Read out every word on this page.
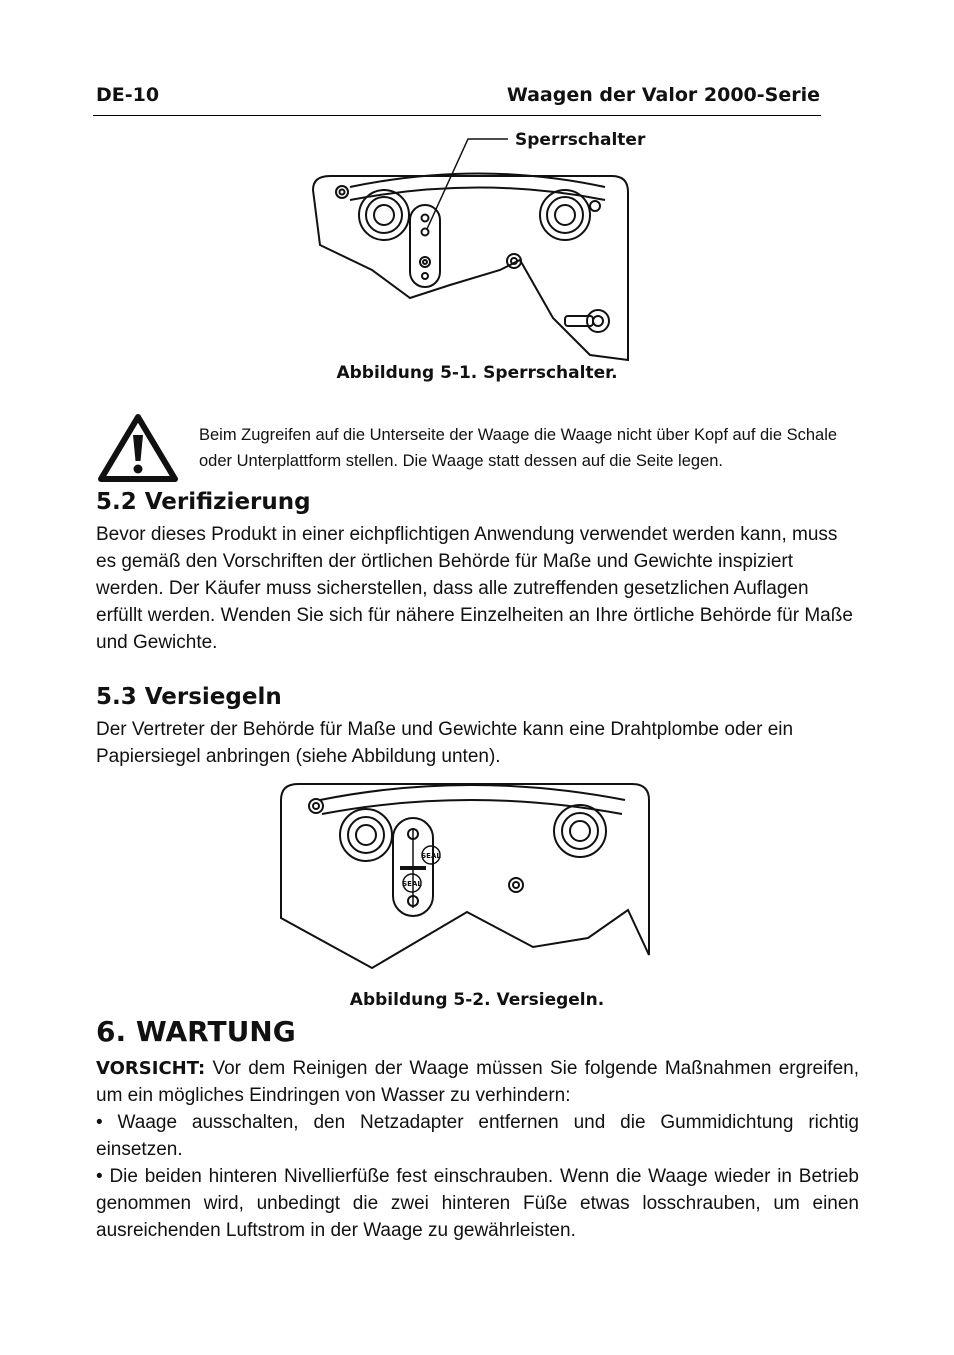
DE-10	Waagen der Valor 2000-Serie
Sperrschalter
Abbildung 5-1. Sperrschalter.
Beim Zugreifen auf die Unterseite der Waage die Waage nicht über Kopf auf die Schale oder Unterplattform stellen. Die Waage statt dessen auf die Seite legen.
5.2 Verifizierung
Bevor dieses Produkt in einer eichpflichtigen Anwendung verwendet werden kann, muss es gemäß den Vorschriften der örtlichen Behörde für Maße und Gewichte inspiziert werden. Der Käufer muss sicherstellen, dass alle zutreffenden gesetzlichen Auflagen erfüllt werden. Wenden Sie sich für nähere Einzelheiten an Ihre örtliche Behörde für Maße und Gewichte.
5.3 Versiegeln
Der Vertreter der Behörde für Maße und Gewichte kann eine Drahtplombe oder ein Papiersiegel anbringen (siehe Abbildung unten).
SEAL
SEAL
Abbildung 5-2. Versiegeln.
6. WARTUNG
VORSICHT: Vor dem Reinigen der Waage müssen Sie folgende Maßnahmen ergreifen, um ein mögliches Eindringen von Wasser zu verhindern:
• Waage ausschalten, den Netzadapter entfernen und die Gummidichtung richtig einsetzen.
• Die beiden hinteren Nivellierfüße fest einschrauben. Wenn die Waage wieder in Betrieb genommen wird, unbedingt die zwei hinteren Füße etwas losschrauben, um einen ausreichenden Luftstrom in der Waage zu gewährleisten.
